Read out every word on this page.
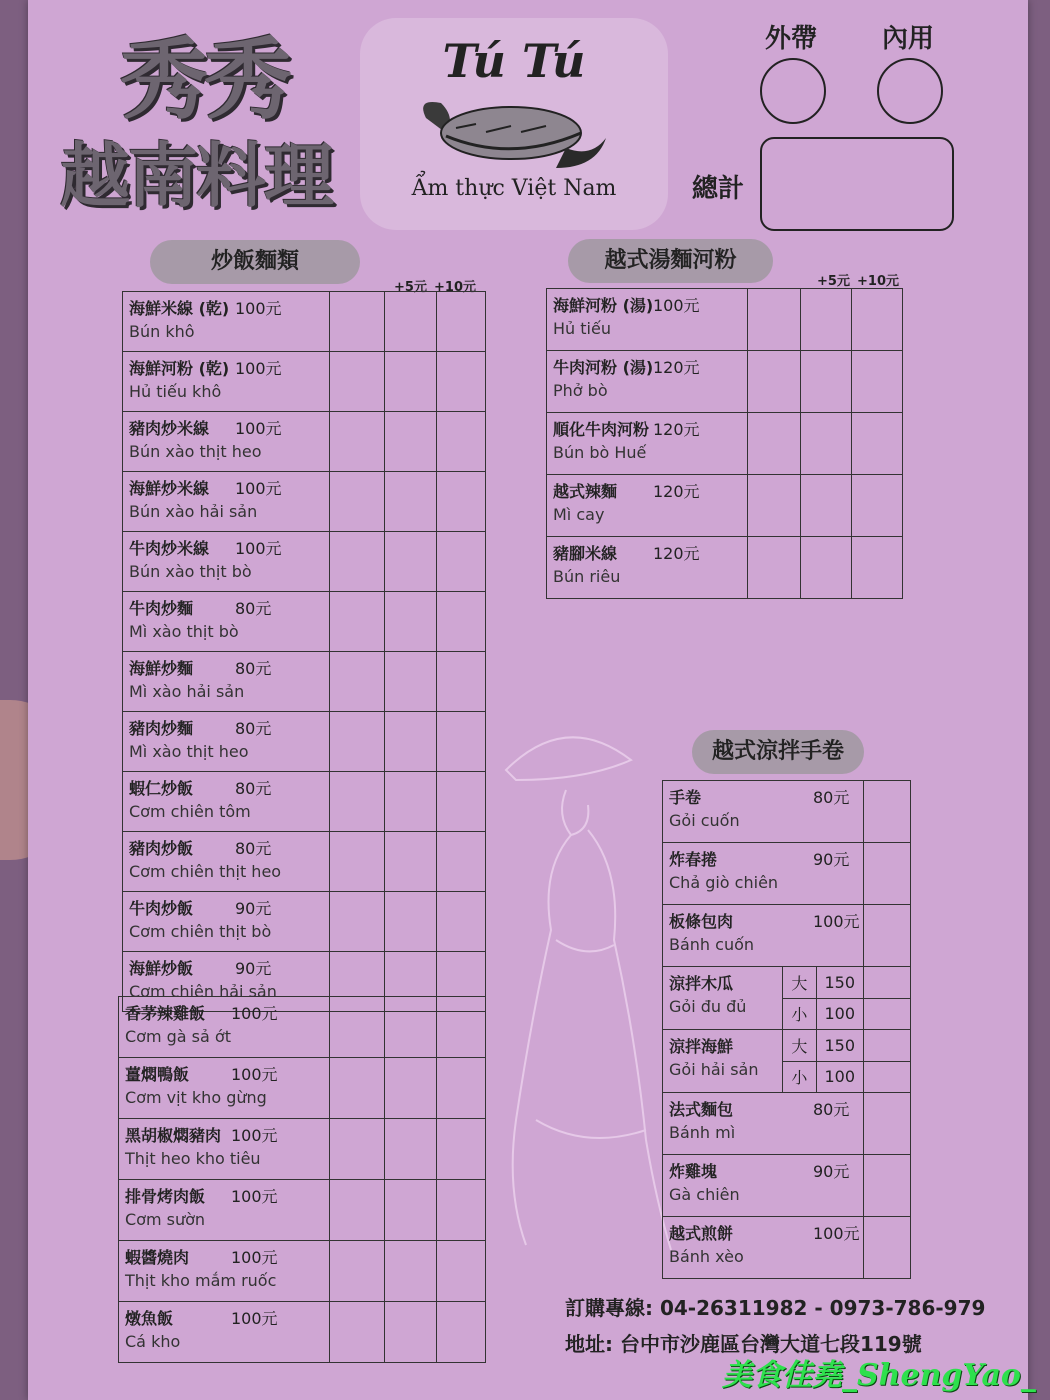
秀秀
越南料理
Tú Tú
Ẩm thực Việt Nam
外帶 內用
總計
炒飯麵類
+5元 +10元
海鮮米線 (乾) 100元
Bún khô			

海鮮河粉 (乾) 100元
Hủ tiếu khô			

豬肉炒米線 100元
Bún xào thịt heo			

海鮮炒米線 100元
Bún xào hải sản			

牛肉炒米線 100元
Bún xào thịt bò			

牛肉炒麵 80元
Mì xào thịt bò			

海鮮炒麵 80元
Mì xào hải sản			

豬肉炒麵 80元
Mì xào thịt heo			

蝦仁炒飯 80元
Cơm chiên tôm			

豬肉炒飯 80元
Cơm chiên thịt heo			

牛肉炒飯 90元
Cơm chiên thịt bò			

海鮮炒飯 90元
Cơm chiên hải sản			

香茅辣雞飯 100元
Cơm gà sả ớt			

薑燜鴨飯 100元
Cơm vịt kho gừng			

黑胡椒燜豬肉 100元
Thịt heo kho tiêu			

排骨烤肉飯 100元
Cơm sườn			

蝦醬燒肉 100元
Thịt kho mắm ruốc			

燉魚飯 100元
Cá kho			

越式湯麵河粉
+5元 +10元
海鮮河粉 (湯) 100元
Hủ tiếu			

牛肉河粉 (湯) 120元
Phở bò			

順化牛肉河粉 120元
Bún bò Huế			

越式辣麵 120元
Mì cay			

豬腳米線 120元
Bún riêu			

越式涼拌手卷
手卷 80元
Gỏi cuốn			

炸春捲 90元
Chả giò chiên			

板條包肉 100元
Bánh cuốn			

涼拌木瓜
Gỏi đu đủ	大	150	
	小	100	

涼拌海鮮
Gỏi hải sản	大	150	
	小	100	

法式麵包 80元
Bánh mì			

炸雞塊 90元
Gà chiên			

越式煎餅 100元
Bánh xèo			

訂購專線: 04-26311982 - 0973-786-979
地址: 台中市沙鹿區台灣大道七段119號
美食佳堯_ShengYao_
